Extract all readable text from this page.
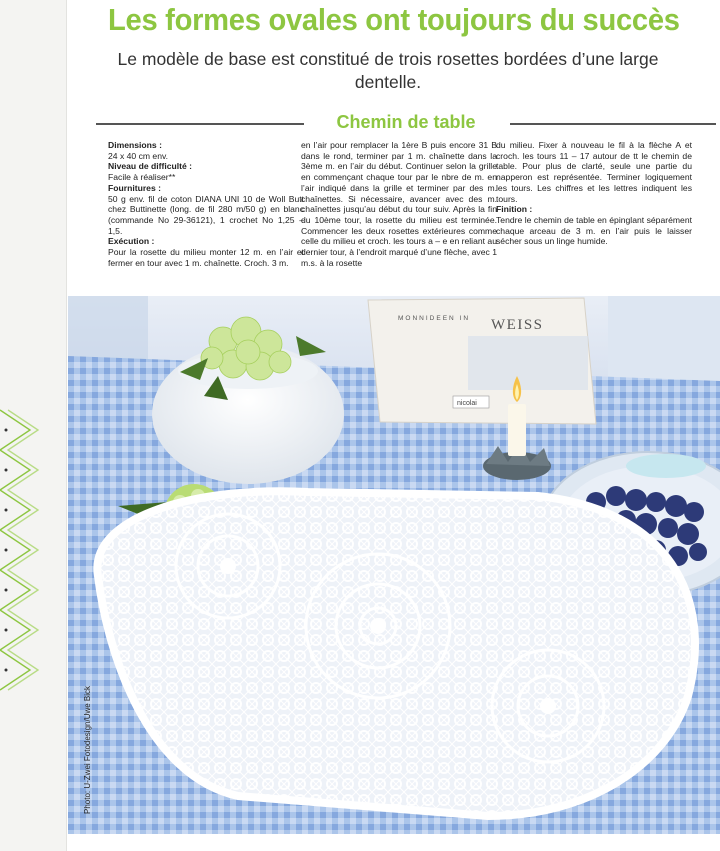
Les formes ovales ont toujours du succès

Le modèle de base est constitué de trois rosettes bordées d’une large dentelle.

Chemin de table

Dimensions :

24 x 40 cm env.

Niveau de difficulté :

Facile à réaliser**

Fournitures :

50 g env. fil de coton DIANA UNI 10 de Woll Butt chez Buttinette (long. de fil 280 m/50 g) en blanc (commande No 29-36121), 1 crochet No 1,25 – 1,5.

Exécution :

Pour la rosette du milieu monter 12 m. en l’air et fermer en tour avec 1 m. chaînette. Croch. 3 m.

en l’air pour remplacer la 1ère B puis encore 31 B dans le rond, terminer par 1 m. chaînette dans la 3ème m. en l’air du début. Continuer selon la grille en commençant chaque tour par le nbre de m. en l’air indiqué dans la grille et terminer par des m. chaînettes. Si nécessaire, avancer avec des m. chaînettes jusqu’au début du tour suiv. Après la fin du 10ème tour, la rosette du milieu est terminée. Commencer les deux rosettes extérieures comme celle du milieu et croch. les tours a – e en reliant au dernier tour, à l’endroit marqué d’une flèche, avec 1 m.s. à la rosette

du milieu. Fixer à nouveau le fil à la flèche A et croch. les tours 11 – 17 autour de tt le chemin de table. Pour plus de clarté, seule une partie du napperon est représentée. Terminer logiquement les tours. Les chiffres et les lettres indiquent les tours.

Finition :

Tendre le chemin de table en épinglant séparément chaque arceau de 3 m. en l’air puis le laisser sécher sous un linge humide.

MONNIDEEN IN WEISS
nicolai
Photo: U-Zwei Fotodesign/Uwe Bick
